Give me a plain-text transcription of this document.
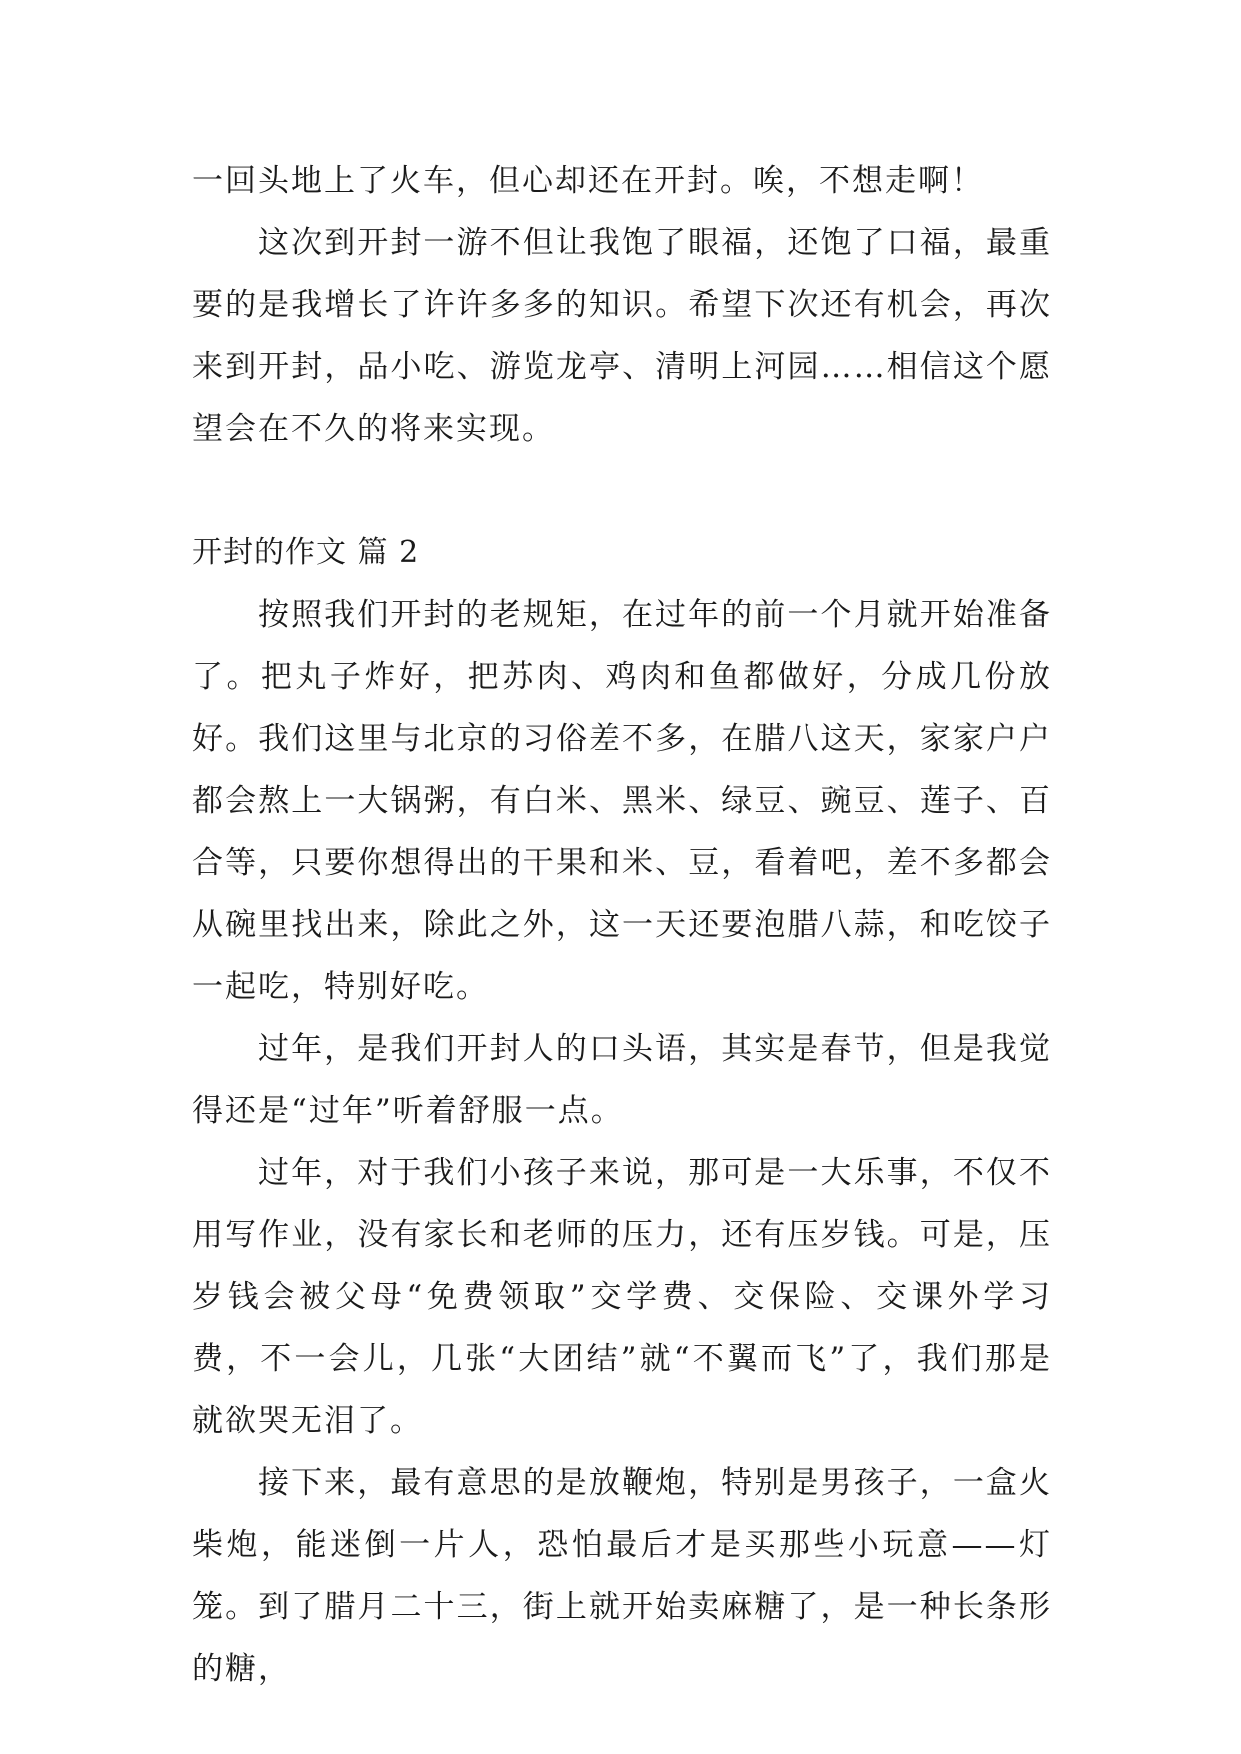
一回头地上了火车，但心却还在开封。唉，不想走啊！

这次到开封一游不但让我饱了眼福，还饱了口福，最重要的是我增长了许许多多的知识。希望下次还有机会，再次来到开封，品小吃、游览龙亭、清明上河园……相信这个愿望会在不久的将来实现。

开封的作文 篇 2

按照我们开封的老规矩，在过年的前一个月就开始准备了。把丸子炸好，把苏肉、鸡肉和鱼都做好，分成几份放好。我们这里与北京的习俗差不多，在腊八这天，家家户户都会熬上一大锅粥，有白米、黑米、绿豆、豌豆、莲子、百合等，只要你想得出的干果和米、豆，看着吧，差不多都会从碗里找出来，除此之外，这一天还要泡腊八蒜，和吃饺子一起吃，特别好吃。

过年，是我们开封人的口头语，其实是春节，但是我觉得还是“过年”听着舒服一点。

过年，对于我们小孩子来说，那可是一大乐事，不仅不用写作业，没有家长和老师的压力，还有压岁钱。可是，压岁钱会被父母“免费领取”交学费、交保险、交课外学习费，不一会儿，几张“大团结”就“不翼而飞”了，我们那是就欲哭无泪了。

接下来，最有意思的是放鞭炮，特别是男孩子，一盒火柴炮，能迷倒一片人，恐怕最后才是买那些小玩意——灯笼。到了腊月二十三，街上就开始卖麻糖了，是一种长条形的糖，
